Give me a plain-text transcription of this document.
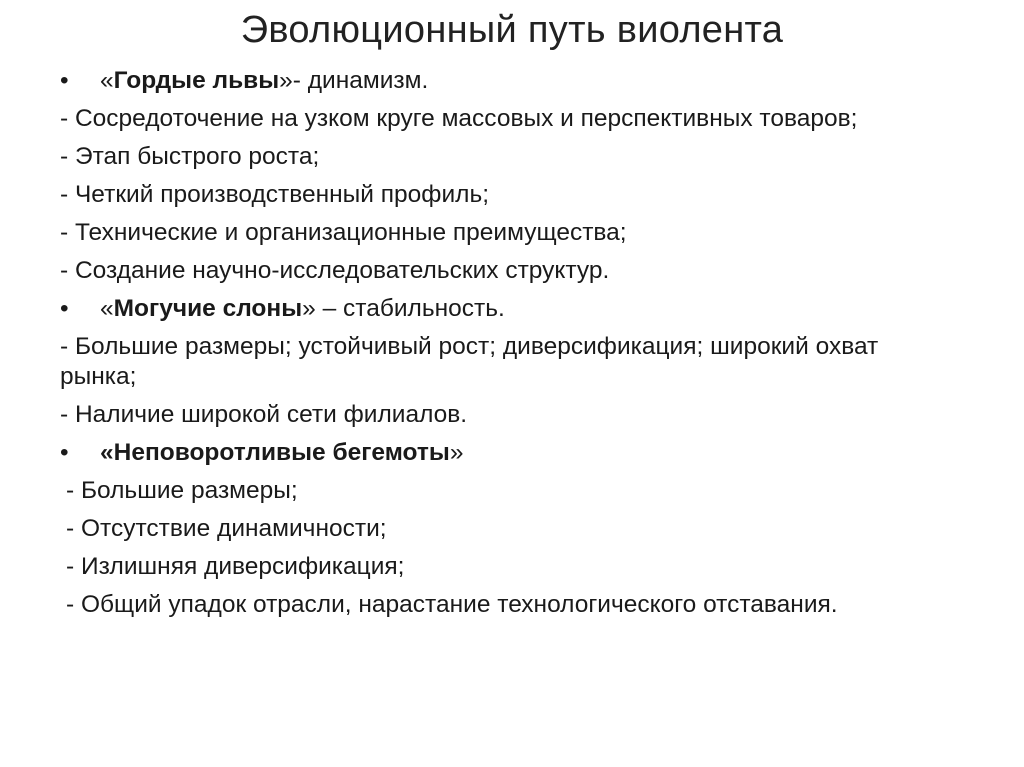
Эволюционный путь виолента
• «Гордые львы»- динамизм.
- Сосредоточение на узком круге массовых и перспективных товаров;
- Этап быстрого роста;
- Четкий производственный профиль;
- Технические и организационные преимущества;
- Создание научно-исследовательских структур.
• «Могучие слоны» – стабильность.
- Большие размеры; устойчивый рост; диверсификация; широкий охват рынка;
- Наличие широкой сети филиалов.
• «Неповоротливые бегемоты»
- Большие размеры;
- Отсутствие динамичности;
- Излишняя диверсификация;
- Общий упадок отрасли, нарастание технологического отставания.
